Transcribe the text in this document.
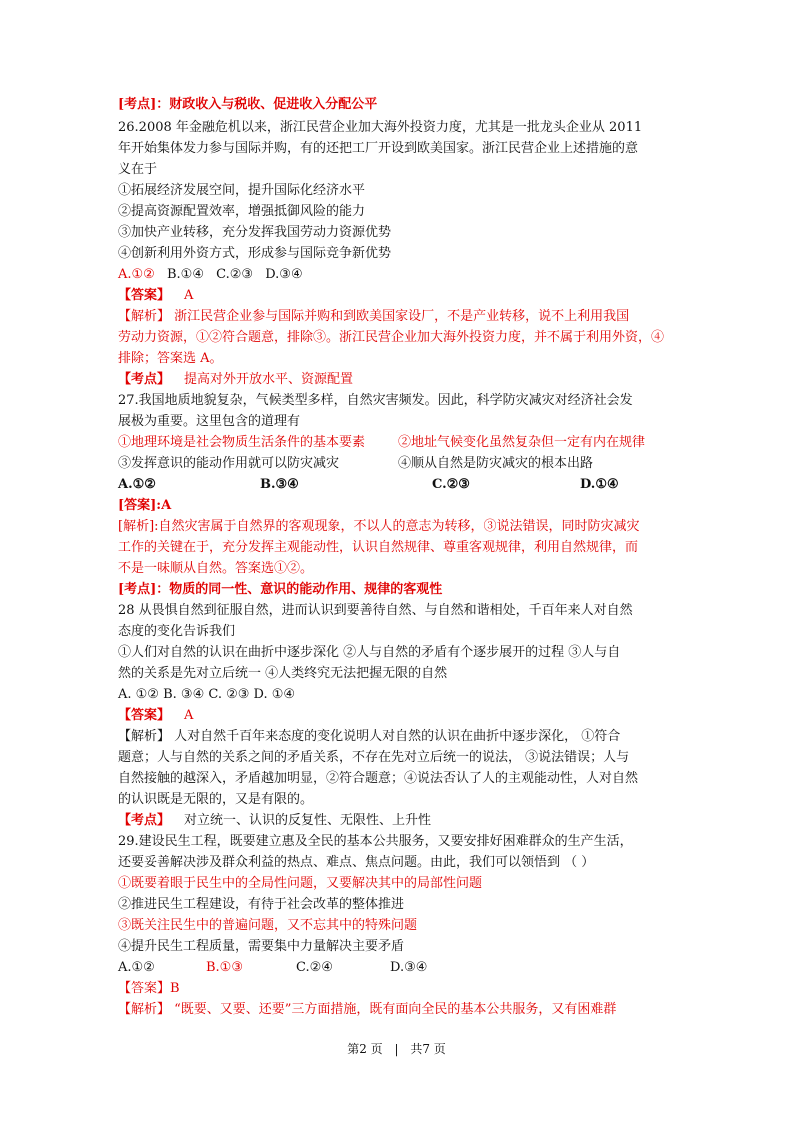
[考点]：财政收入与税收、促进收入分配公平
26.2008 年金融危机以来，浙江民营企业加大海外投资力度，尤其是一批龙头企业从 2011
年开始集体发力参与国际并购，有的还把工厂开设到欧美国家。浙江民营企业上述措施的意
义在于
①拓展经济发展空间，提升国际化经济水平
②提高资源配置效率，增强抵御风险的能力
③加快产业转移，充分发挥我国劳动力资源优势
④创新利用外资方式，形成参与国际竞争新优势
A.①② B.①④ C.②③ D.③④
【答案】 A
【解析】 浙江民营企业参与国际并购和到欧美国家设厂，不是产业转移，说不上利用我国
劳动力资源，①②符合题意，排除③。浙江民营企业加大海外投资力度，并不属于利用外资，④
排除；答案选 A。
【考点】 提高对外开放水平、资源配置
27.我国地质地貌复杂，气候类型多样，自然灾害频发。因此，科学防灾减灾对经济社会发
展极为重要。这里包含的道理有
①地理环境是社会物质生活条件的基本要素	②地址气候变化虽然复杂但一定有内在规律
③发挥意识的能动作用就可以防灾减灾	④顺从自然是防灾减灾的根本出路
A.①②	B.③④	C.②③	D.①④
[答案]:A
[解析]:自然灾害属于自然界的客观现象，不以人的意志为转移，③说法错误，同时防灾减灾
工作的关键在于，充分发挥主观能动性，认识自然规律、尊重客观规律，利用自然规律，而
不是一味顺从自然。答案选①②。
[考点]：物质的同一性、意识的能动作用、规律的客观性
28 从畏惧自然到征服自然，进而认识到要善待自然、与自然和谐相处，千百年来人对自然
态度的变化告诉我们
①人们对自然的认识在曲折中逐步深化 ②人与自然的矛盾有个逐步展开的过程 ③人与自
然的关系是先对立后统一 ④人类终究无法把握无限的自然
A. ①② B. ③④ C. ②③ D. ①④
【答案】 A
【解析】 人对自然千百年来态度的变化说明人对自然的认识在曲折中逐步深化， ①符合
题意；人与自然的关系之间的矛盾关系，不存在先对立后统一的说法， ③说法错误；人与
自然接触的越深入，矛盾越加明显，②符合题意；④说法否认了人的主观能动性，人对自然
的认识既是无限的，又是有限的。
【考点】 对立统一、认识的反复性、无限性、上升性
29.建设民生工程，既要建立惠及全民的基本公共服务，又要安排好困难群众的生产生活，
还要妥善解决涉及群众利益的热点、难点、焦点问题。由此，我们可以领悟到 （ ）
①既要着眼于民生中的全局性问题，又要解决其中的局部性问题
②推进民生工程建设，有待于社会改革的整体推进
③既关注民生中的普遍问题，又不忘其中的特殊问题
④提升民生工程质量，需要集中力量解决主要矛盾
A.①②	B.①③	C.②④	D.③④
【答案】B
【解析】 “既要、又要、还要”三方面措施，既有面向全民的基本公共服务，又有困难群
第2 页 | 共7 页
